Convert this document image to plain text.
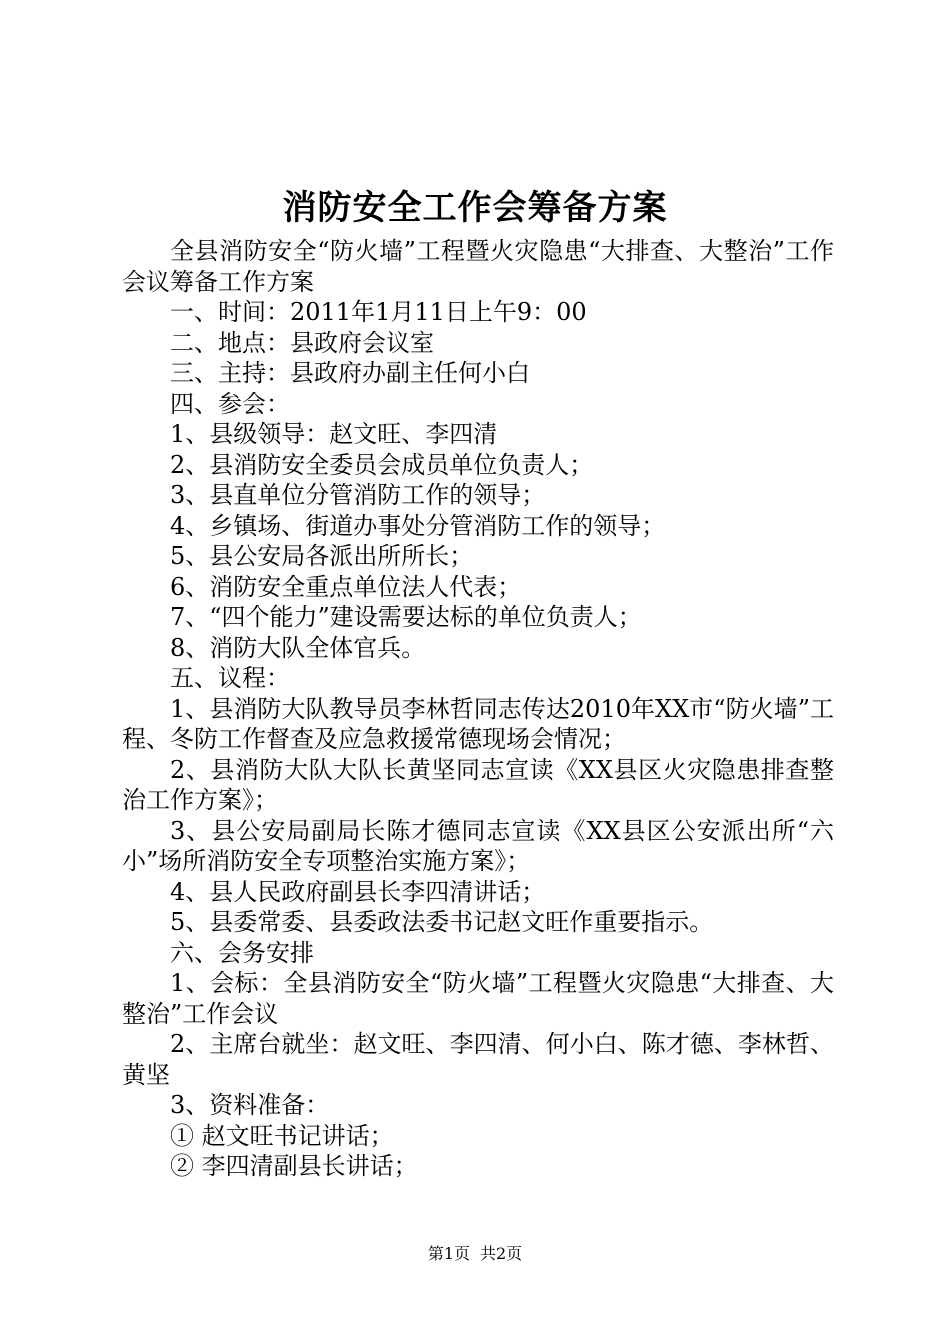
消防安全工作会筹备方案

全县消防安全“防火墙”工程暨火灾隐患“大排查、大整治”工作会议筹备工作方案

一、时间：2011年1月11日上午9：00

二、地点：县政府会议室

三、主持：县政府办副主任何小白

四、参会：

1、县级领导：赵文旺、李四清

2、县消防安全委员会成员单位负责人；

3、县直单位分管消防工作的领导；

4、乡镇场、街道办事处分管消防工作的领导；

5、县公安局各派出所所长；

6、消防安全重点单位法人代表；

7、“四个能力”建设需要达标的单位负责人；

8、消防大队全体官兵。

五、议程：

1、县消防大队教导员李林哲同志传达2010年XX市“防火墙”工程、冬防工作督查及应急救援常德现场会情况；

2、县消防大队大队长黄坚同志宣读《XX县区火灾隐患排查整治工作方案》；

3、县公安局副局长陈才德同志宣读《XX县区公安派出所“六小”场所消防安全专项整治实施方案》；

4、县人民政府副县长李四清讲话；

5、县委常委、县委政法委书记赵文旺作重要指示。

六、会务安排

1、会标：全县消防安全“防火墙”工程暨火灾隐患“大排查、大整治”工作会议

2、主席台就坐：赵文旺、李四清、何小白、陈才德、李林哲、黄坚

3、资料准备：

① 赵文旺书记讲话；

② 李四清副县长讲话；

第1页 共2页
